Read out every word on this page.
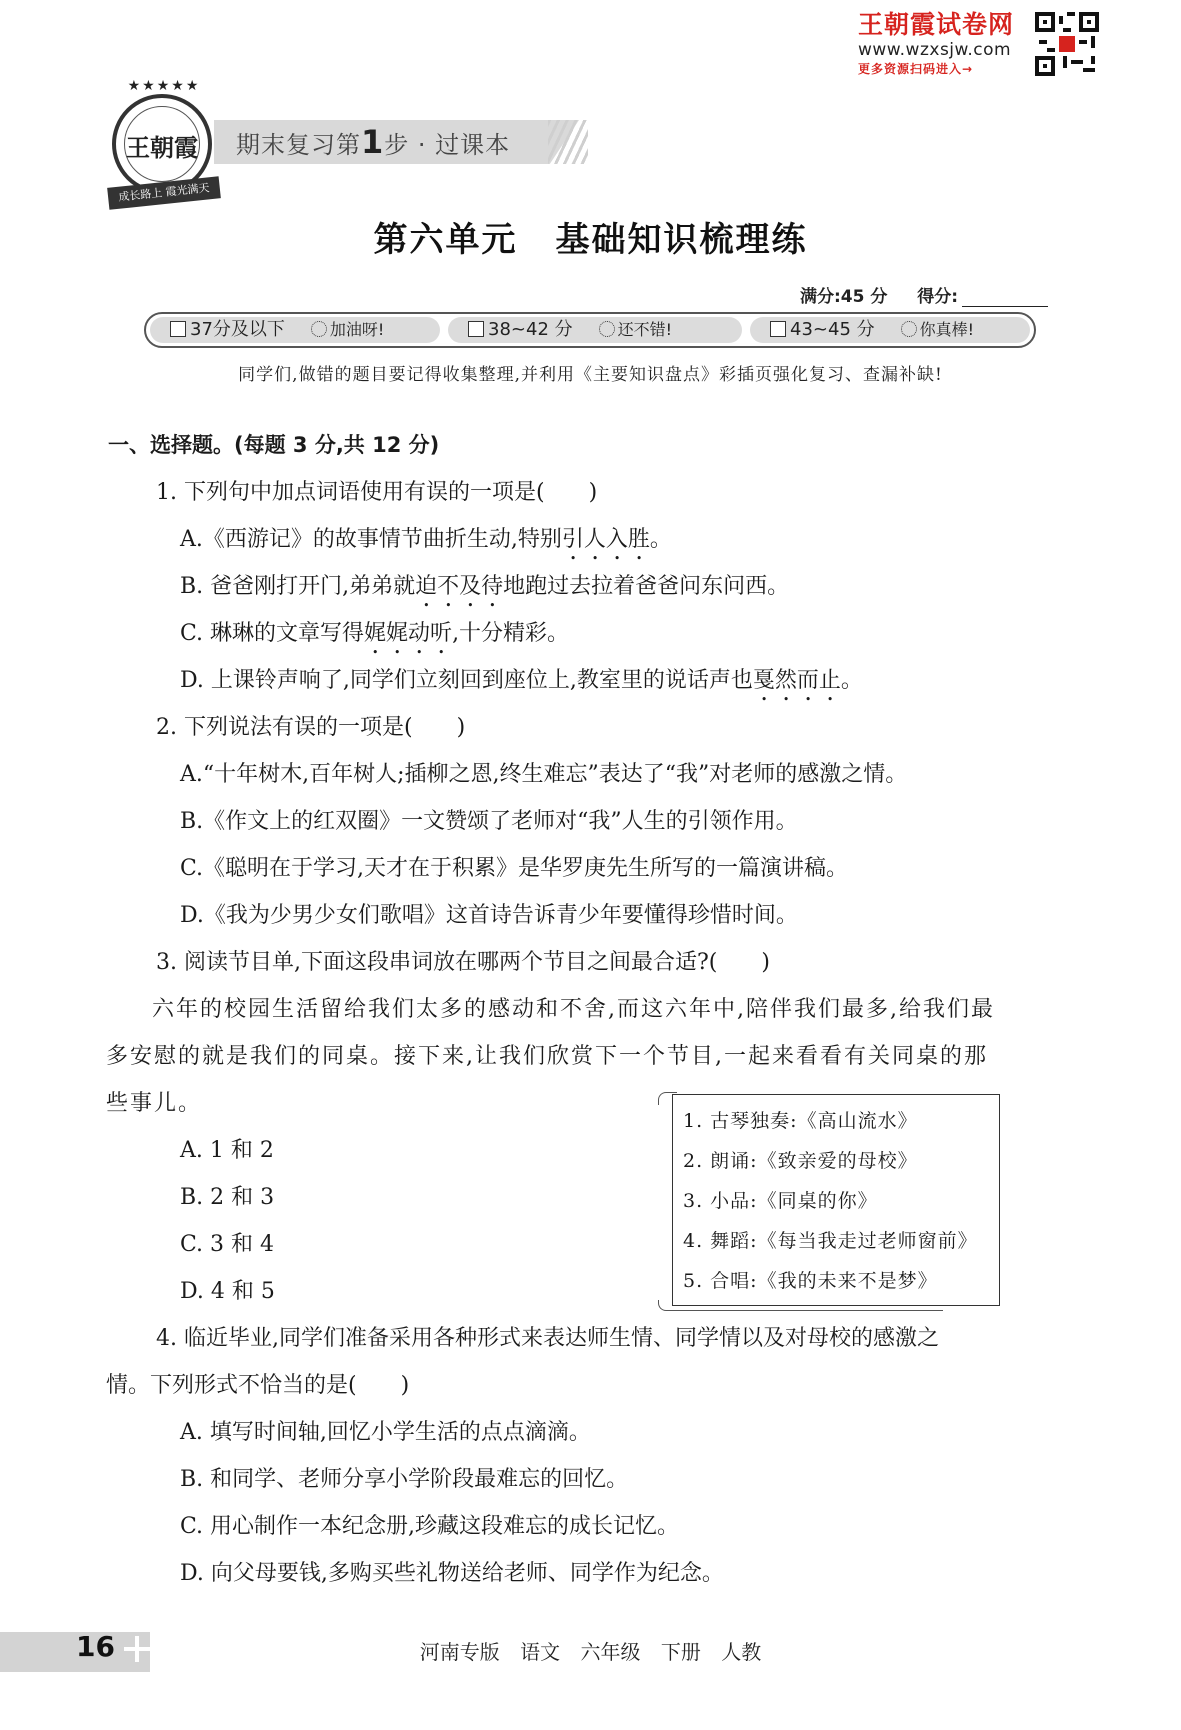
王朝霞试卷网
www.wzxsjw.com
更多资源扫码进入→
★★★★★
王朝霞
成长路上 霞光满天
期末复习第1步 · 过课本
第六单元 基础知识梳理练
满分:45 分 得分:
37分及以下	加油呀!	38~42 分	还不错!	43~45 分	你真棒!
同学们,做错的题目要记得收集整理,并利用《主要知识盘点》彩插页强化复习、查漏补缺!
一、选择题。(每题 3 分,共 12 分)
1. 下列句中加点词语使用有误的一项是(　　)
A.《西游记》的故事情节曲折生动,特别引人入胜。
B. 爸爸刚打开门,弟弟就迫不及待地跑过去拉着爸爸问东问西。
C. 琳琳的文章写得娓娓动听,十分精彩。
D. 上课铃声响了,同学们立刻回到座位上,教室里的说话声也戛然而止。
2. 下列说法有误的一项是(　　)
A.“十年树木,百年树人;插柳之恩,终生难忘”表达了“我”对老师的感激之情。
B.《作文上的红双圈》一文赞颂了老师对“我”人生的引领作用。
C.《聪明在于学习,天才在于积累》是华罗庚先生所写的一篇演讲稿。
D.《我为少男少女们歌唱》这首诗告诉青少年要懂得珍惜时间。
3. 阅读节目单,下面这段串词放在哪两个节目之间最合适?(　　)
六年的校园生活留给我们太多的感动和不舍,而这六年中,陪伴我们最多,给我们最
多安慰的就是我们的同桌。接下来,让我们欣赏下一个节目,一起来看看有关同桌的那
些事儿。
A. 1 和 2
B. 2 和 3
C. 3 和 4
D. 4 和 5
1. 古琴独奏:《高山流水》
2. 朗诵:《致亲爱的母校》
3. 小品:《同桌的你》
4. 舞蹈:《每当我走过老师窗前》
5. 合唱:《我的未来不是梦》
4. 临近毕业,同学们准备采用各种形式来表达师生情、同学情以及对母校的感激之
情。下列形式不恰当的是(　　)
A. 填写时间轴,回忆小学生活的点点滴滴。
B. 和同学、老师分享小学阶段最难忘的回忆。
C. 用心制作一本纪念册,珍藏这段难忘的成长记忆。
D. 向父母要钱,多购买些礼物送给老师、同学作为纪念。
16	河南专版 语文 六年级 下册 人教
